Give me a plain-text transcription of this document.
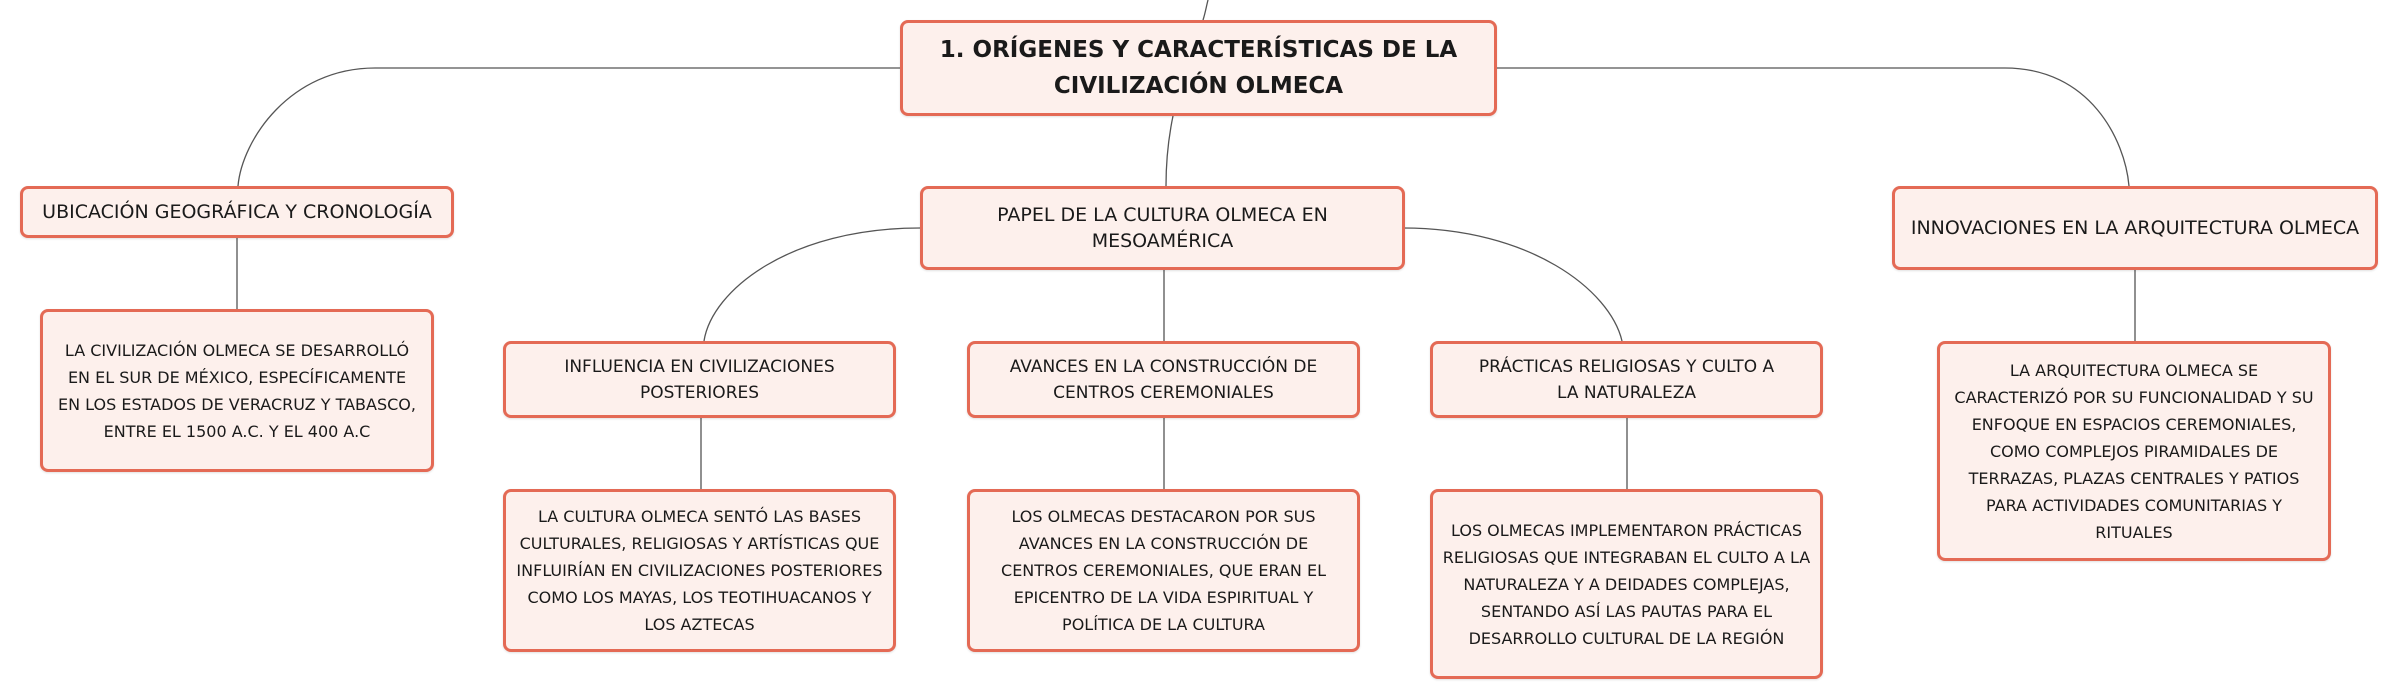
1. ORÍGENES Y CARACTERÍSTICAS DE LA CIVILIZACIÓN OLMECA
UBICACIÓN GEOGRÁFICA Y CRONOLOGÍA
LA CIVILIZACIÓN OLMECA SE DESARROLLÓ EN EL SUR DE MÉXICO, ESPECÍFICAMENTE EN LOS ESTADOS DE VERACRUZ Y TABASCO, ENTRE EL 1500 A.C. Y EL 400 A.C
PAPEL DE LA CULTURA OLMECA EN MESOAMÉRICA
INFLUENCIA EN CIVILIZACIONES POSTERIORES
LA CULTURA OLMECA SENTÓ LAS BASES CULTURALES, RELIGIOSAS Y ARTÍSTICAS QUE INFLUIRÍAN EN CIVILIZACIONES POSTERIORES COMO LOS MAYAS, LOS TEOTIHUACANOS Y LOS AZTECAS
AVANCES EN LA CONSTRUCCIÓN DE CENTROS CEREMONIALES
LOS OLMECAS DESTACARON POR SUS AVANCES EN LA CONSTRUCCIÓN DE CENTROS CEREMONIALES, QUE ERAN EL EPICENTRO DE LA VIDA ESPIRITUAL Y POLÍTICA DE LA CULTURA
PRÁCTICAS RELIGIOSAS Y CULTO A LA NATURALEZA
LOS OLMECAS IMPLEMENTARON PRÁCTICAS RELIGIOSAS QUE INTEGRABAN EL CULTO A LA NATURALEZA Y A DEIDADES COMPLEJAS, SENTANDO ASÍ LAS PAUTAS PARA EL DESARROLLO CULTURAL DE LA REGIÓN
INNOVACIONES EN LA ARQUITECTURA OLMECA
LA ARQUITECTURA OLMECA SE CARACTERIZÓ POR SU FUNCIONALIDAD Y SU ENFOQUE EN ESPACIOS CEREMONIALES, COMO COMPLEJOS PIRAMIDALES DE TERRAZAS, PLAZAS CENTRALES Y PATIOS PARA ACTIVIDADES COMUNITARIAS Y RITUALES
